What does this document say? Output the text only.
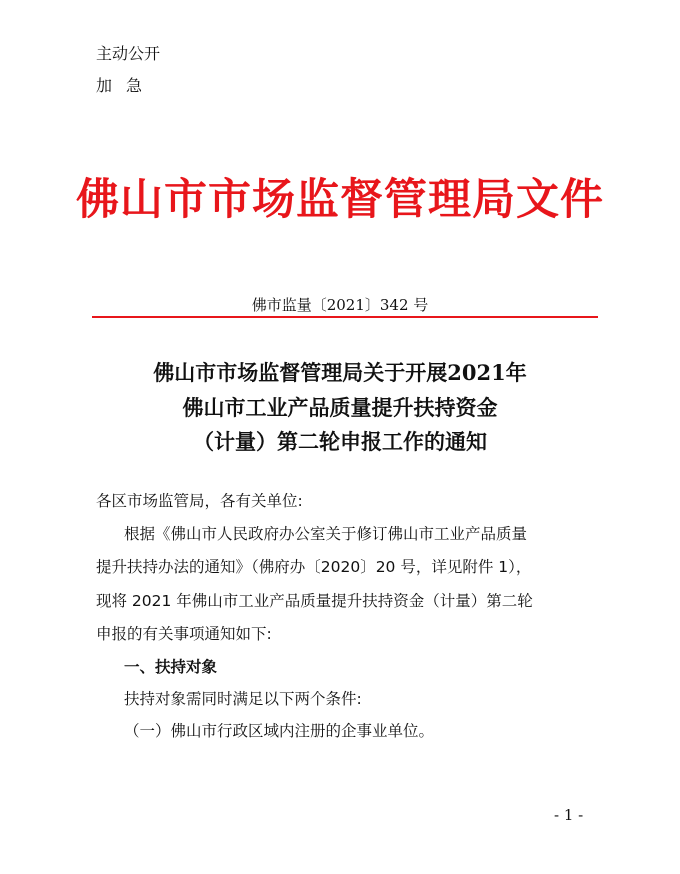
主动公开
加急
佛山市市场监督管理局文件
佛市监量〔2021〕342 号
佛山市市场监督管理局关于开展2021年
佛山市工业产品质量提升扶持资金
（计量）第二轮申报工作的通知
各区市场监管局，各有关单位:
根据《佛山市人民政府办公室关于修订佛山市工业产品质量
提升扶持办法的通知》（佛府办〔2020〕20 号，详见附件 1），
现将 2021 年佛山市工业产品质量提升扶持资金（计量）第二轮
申报的有关事项通知如下:
一、扶持对象
扶持对象需同时满足以下两个条件:
（一）佛山市行政区域内注册的企事业单位。
- 1 -
